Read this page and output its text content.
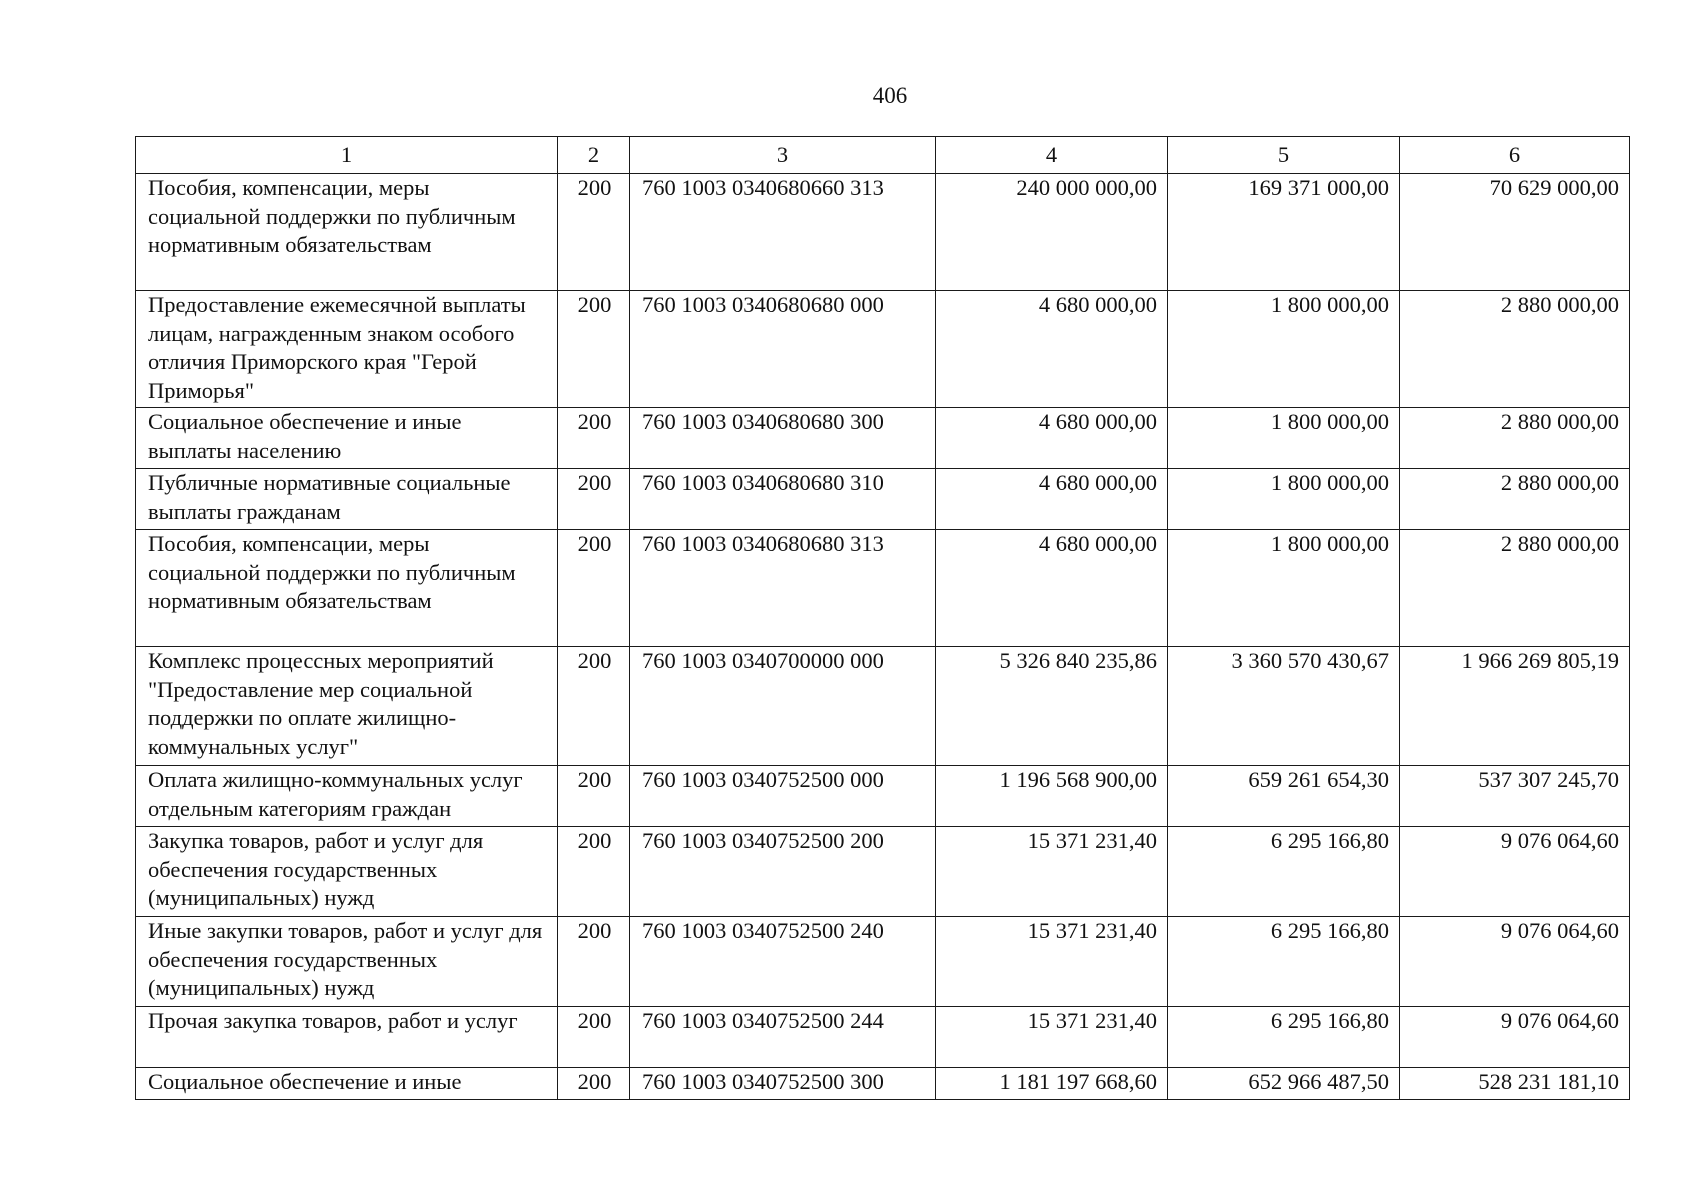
406
1	2	3	4	5	6
Пособия, компенсации, меры социальной поддержки по публичным нормативным обязательствам	200	760 1003 0340680660 313	240 000 000,00	169 371 000,00	70 629 000,00
Предоставление ежемесячной выплаты лицам, награжденным знаком особого отличия Приморского края "Герой Приморья"	200	760 1003 0340680680 000	4 680 000,00	1 800 000,00	2 880 000,00
Социальное обеспечение и иные выплаты населению	200	760 1003 0340680680 300	4 680 000,00	1 800 000,00	2 880 000,00
Публичные нормативные социальные выплаты гражданам	200	760 1003 0340680680 310	4 680 000,00	1 800 000,00	2 880 000,00
Пособия, компенсации, меры социальной поддержки по публичным нормативным обязательствам	200	760 1003 0340680680 313	4 680 000,00	1 800 000,00	2 880 000,00
Комплекс процессных мероприятий "Предоставление мер социальной поддержки по оплате жилищно-коммунальных услуг"	200	760 1003 0340700000 000	5 326 840 235,86	3 360 570 430,67	1 966 269 805,19
Оплата жилищно-коммунальных услуг отдельным категориям граждан	200	760 1003 0340752500 000	1 196 568 900,00	659 261 654,30	537 307 245,70
Закупка товаров, работ и услуг для обеспечения государственных (муниципальных) нужд	200	760 1003 0340752500 200	15 371 231,40	6 295 166,80	9 076 064,60
Иные закупки товаров, работ и услуг для обеспечения государственных (муниципальных) нужд	200	760 1003 0340752500 240	15 371 231,40	6 295 166,80	9 076 064,60
Прочая закупка товаров, работ и услуг	200	760 1003 0340752500 244	15 371 231,40	6 295 166,80	9 076 064,60
Социальное обеспечение и иные	200	760 1003 0340752500 300	1 181 197 668,60	652 966 487,50	528 231 181,10
